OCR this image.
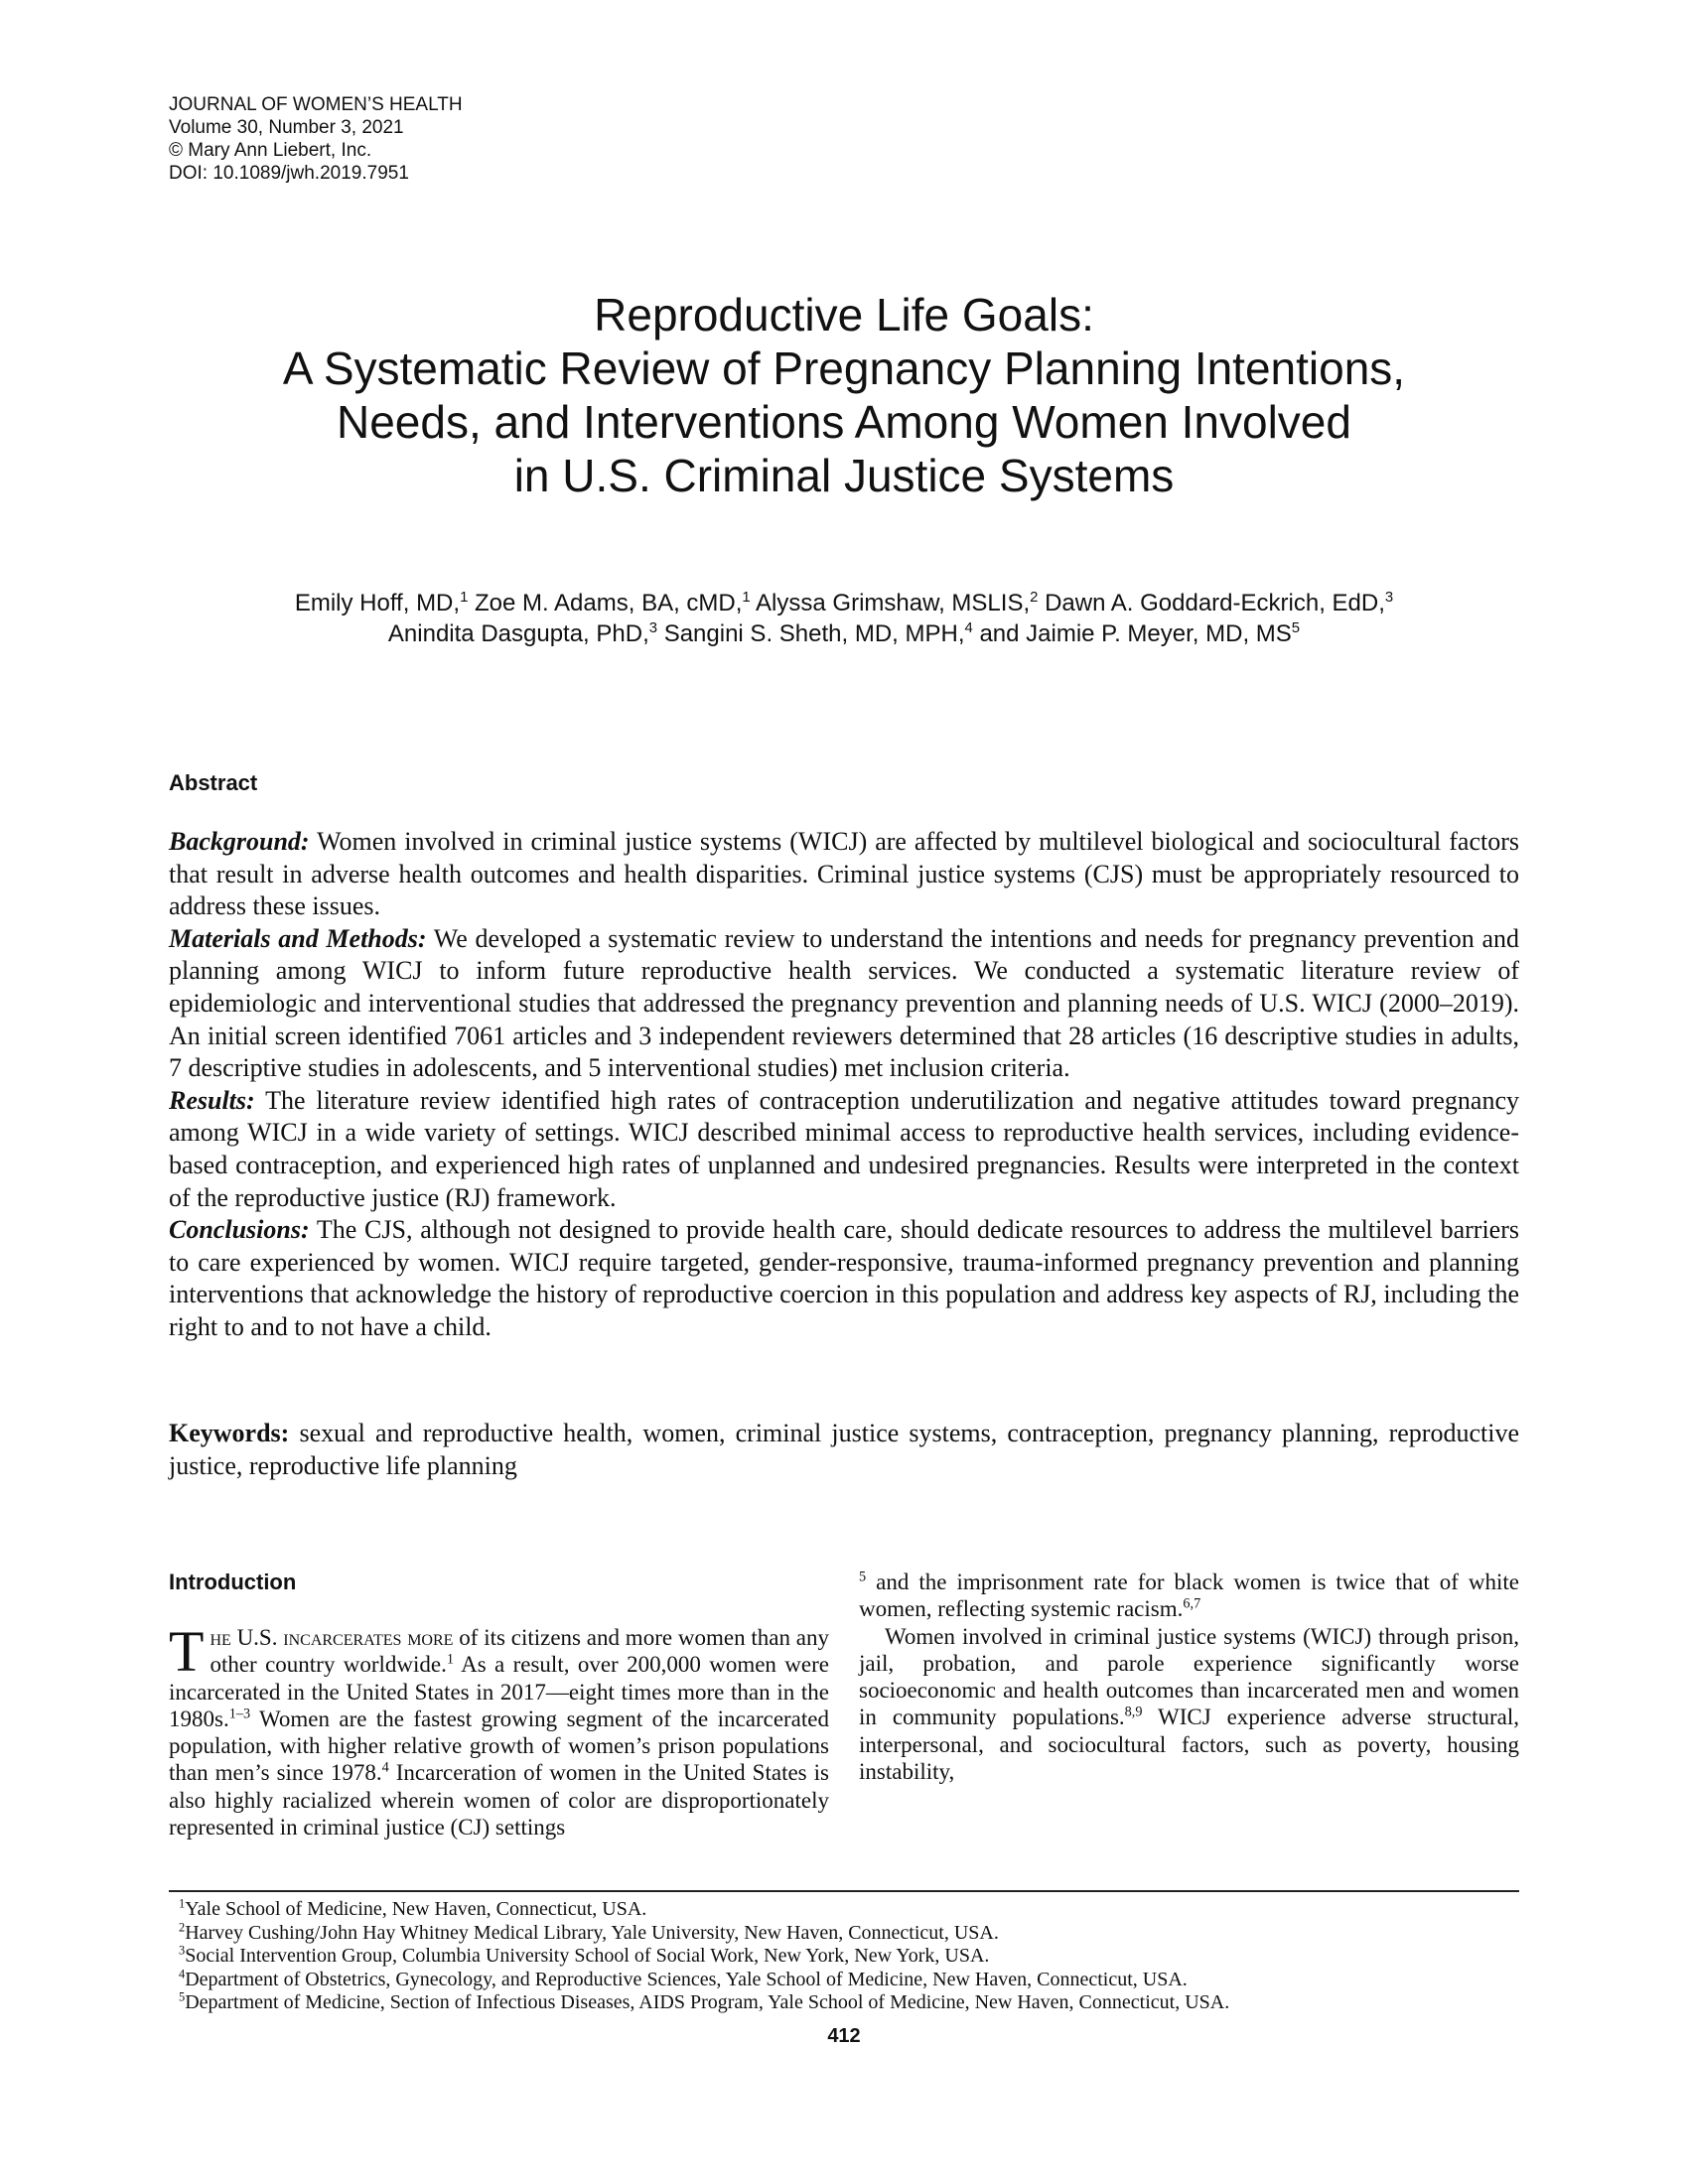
JOURNAL OF WOMEN’S HEALTH
Volume 30, Number 3, 2021
© Mary Ann Liebert, Inc.
DOI: 10.1089/jwh.2019.7951
Reproductive Life Goals:
A Systematic Review of Pregnancy Planning Intentions,
Needs, and Interventions Among Women Involved
in U.S. Criminal Justice Systems
Emily Hoff, MD,$^1$ Zoe M. Adams, BA, cMD,$^1$ Alyssa Grimshaw, MSLIS,$^2$ Dawn A. Goddard-Eckrich, EdD,$^3$
Anindita Dasgupta, PhD,$^3$ Sangini S. Sheth, MD, MPH,$^4$ and Jaimie P. Meyer, MD, $MS^5$
Abstract

Background: Women involved in criminal justice systems (WICJ) are affected by multilevel biological and sociocultural factors that result in adverse health outcomes and health disparities. Criminal justice systems (CJS) must be appropriately resourced to address these issues.

Materials and Methods: We developed a systematic review to understand the intentions and needs for pregnancy prevention and planning among WICJ to inform future reproductive health services. We conducted a systematic literature review of epidemiologic and interventional studies that addressed the pregnancy prevention and planning needs of U.S. WICJ (2000–2019). An initial screen identified 7061 articles and 3 independent reviewers determined that 28 articles (16 descriptive studies in adults, 7 descriptive studies in adolescents, and 5 interventional studies) met inclusion criteria.

Results: The literature review identified high rates of contraception underutilization and negative attitudes toward pregnancy among WICJ in a wide variety of settings. WICJ described minimal access to reproductive health services, including evidence-based contraception, and experienced high rates of unplanned and undesired pregnancies. Results were interpreted in the context of the reproductive justice (RJ) framework.

Conclusions: The CJS, although not designed to provide health care, should dedicate resources to address the multilevel barriers to care experienced by women. WICJ require targeted, gender-responsive, trauma-informed pregnancy prevention and planning interventions that acknowledge the history of reproductive coercion in this population and address key aspects of RJ, including the right to and to not have a child.

Keywords: sexual and reproductive health, women, criminal justice systems, contraception, pregnancy planning, reproductive justice, reproductive life planning

Introduction

The U.S. incarcerates more of its citizens and more women than any other country worldwide.$^1$ As a result, over 200,000 women were incarcerated in the United States in 2017—eight times more than in the 1980s.$^{1-3}$ Women are the fastest growing segment of the incarcerated population, with higher relative growth of women’s prison populations than men’s since 1978.$^4$ Incarceration of women in the United States is also highly racialized wherein women of color are disproportionately represented in criminal justice (CJ) settings

$^5$ and the imprisonment rate for black women is twice that of white women, reflecting systemic racism.$^{6,7}$

Women involved in criminal justice systems (WICJ) through prison, jail, probation, and parole experience significantly worse socioeconomic and health outcomes than incarcerated men and women in community populations.$^{8,9}$ WICJ experience adverse structural, interpersonal, and sociocultural factors, such as poverty, housing instability,

$^1$Yale School of Medicine, New Haven, Connecticut, USA.
$^2$Harvey Cushing/John Hay Whitney Medical Library, Yale University, New Haven, Connecticut, USA.
$^3$Social Intervention Group, Columbia University School of Social Work, New York, New York, USA.
$^4$Department of Obstetrics, Gynecology, and Reproductive Sciences, Yale School of Medicine, New Haven, Connecticut, USA.
$^5$Department of Medicine, Section of Infectious Diseases, AIDS Program, Yale School of Medicine, New Haven, Connecticut, USA.
412
